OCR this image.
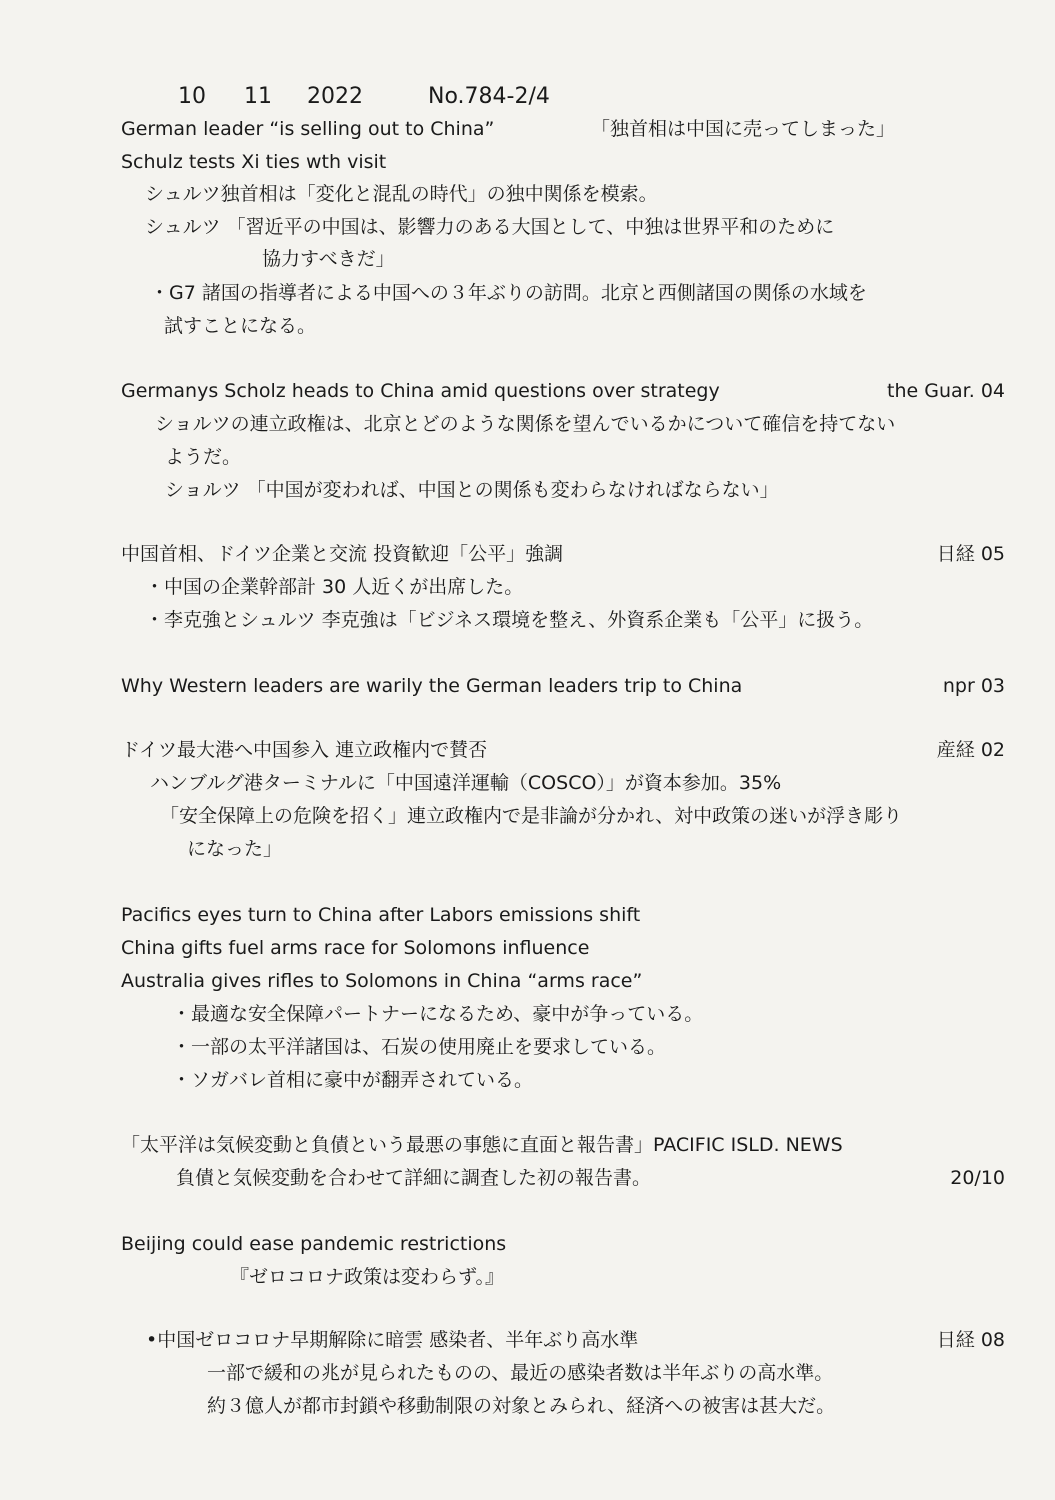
10 11 2022	No.784-2/4
German leader “is selling out to China”	「独首相は中国に売ってしまった」
Schulz tests Xi ties wth visit
シュルツ独首相は「変化と混乱の時代」の独中関係を模索。
シュルツ 「習近平の中国は、影響力のある大国として、中独は世界平和のために
協力すべきだ」
・G7 諸国の指導者による中国への３年ぶりの訪問。北京と西側諸国の関係の水域を
試すことになる。
Germanys Scholz heads to China amid questions over strategy	the Guar. 04
ショルツの連立政権は、北京とどのような関係を望んでいるかについて確信を持てない
ようだ。
ショルツ 「中国が変われば、中国との関係も変わらなければならない」
中国首相、ドイツ企業と交流 投資歓迎「公平」強調	日経 05
・中国の企業幹部計 30 人近くが出席した。
・李克強とシュルツ 李克強は「ビジネス環境を整え、外資系企業も「公平」に扱う。
Why Western leaders are warily the German leaders trip to China	npr 03
ドイツ最大港へ中国参入 連立政権内で賛否	産経 02
ハンブルグ港ターミナルに「中国遠洋運輸（COSCO）」が資本参加。35%
「安全保障上の危険を招く」連立政権内で是非論が分かれ、対中政策の迷いが浮き彫り
になった」
Pacifics eyes turn to China after Labors emissions shift
China gifts fuel arms race for Solomons influence
Australia gives rifles to Solomons in China “arms race”
・最適な安全保障パートナーになるため、豪中が争っている。
・一部の太平洋諸国は、石炭の使用廃止を要求している。
・ソガバレ首相に豪中が翻弄されている。
「太平洋は気候変動と負債という最悪の事態に直面と報告書」PACIFIC ISLD. NEWS
負債と気候変動を合わせて詳細に調査した初の報告書。	20/10
Beijing could ease pandemic restrictions
『ゼロコロナ政策は変わらず。』
•中国ゼロコロナ早期解除に暗雲 感染者、半年ぶり高水準	日経 08
一部で緩和の兆が見られたものの、最近の感染者数は半年ぶりの高水準。
約３億人が都市封鎖や移動制限の対象とみられ、経済への被害は甚大だ。
